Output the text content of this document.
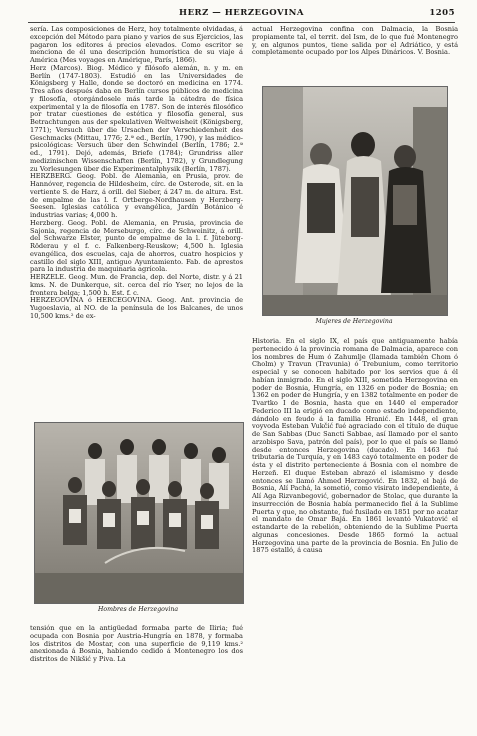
HERZ — HERZEGOVINA	1205

sería. Las composiciones de Herz, hoy totalmente olvidadas, á excepción del Método para piano y varios de sus Ejercicios, las pagaron los editores á precios elevados. Como escritor se menciona de él una descripción humorística de su viaje á América (Mes voyages en Amérique, París, 1866).

Herz (Marcos). Biog. Médico y filósofo alemán, n. y m. en Berlín (1747-1803). Estudió en las Universidades de Königsberg y Halle, donde se doctoró en medicina en 1774. Tres años después daba en Berlín cursos públicos de medicina y filosofía, otorgándosele más tarde la cátedra de física experimental y la de filosofía en 1787. Son de interés filosófico por tratar cuestiones de estética y filosofía general, sus Betrachtungen aus der spekulativen Weltweisheit (Königsberg, 1771); Versuch über die Ursachen der Verschiedenheit des Geschmacks (Mittau, 1776; 2.ª ed., Berlín, 1790), y las médico-psicológicas: Versuch über den Schwindel (Berlín, 1786; 2.ª ed., 1791). Dejó, además, Briefe (1784); Grundriss aller medizinischen Wissenschaften (Berlín, 1782), y Grundlegung zu Vorlesungen über die Experimentalphysik (Berlín, 1787).

HERZBERG. Geog. Pobl. de Alemania, en Prusia, prov. de Hannóver, regencia de Hildesheim, círc. de Osterode, sit. en la vertiente S. de Harz, á orill. del Sieber, á 247 m. de altura. Est. de empalme de las l. f. Ortberge-Nordhausen y Herzberg-Seesen. Iglesias católica y evangélica, Jardín Botánico é industrias varias; 4,000 h.

Herzberg. Geog. Pobl. de Alemania, en Prusia, provincia de Sajonia, regencia de Merseburgo, círc. de Schweinitz, á orill. del Schwarze Elster, punto de empalme de la l. f. Jüteborg-Röderau y el f. c. Falkenberg-Reuskow; 4,500 h. Iglesia evangélica, dos escuelas, caja de ahorros, cuatro hospicios y castillo del siglo XIII, antiguo Ayuntamiento. Fab. de aprestos para la industria de maquinaria agrícola.

HERZELE. Geog. Mun. de Francia, dep. del Norte, distr. y á 21 kms. N. de Dunkerque, sit. cerca del río Yser, no lejos de la frontera belga; 1,500 h. Est. f. c.

HERZEGOVINA ó HERCEGOVINA. Geog. Ant. provincia de Yugoeslavia, al NO. de la península de los Balcanes, de unos 10,500 kms.² de ex-

actual Herzegovina confina con Dalmacia, la Bosnia propiamente tal, el territ. del Ism, de lo que fué Montenegro y, en algunos puntos, tiene salida por el Adriático, y está completamente ocupado por los Alpes Dináricos. V. Bosnia.

Mujeres de Herzegovina

Historia. En el siglo IX, el país que antiguamente había pertenecido á la provincia romana de Dalmacia, aparece con los nombres de Hum ó Zahumlje (llamada también Chom ó Cholm) y Travun (Travunia) ó Trebunium, como territorio especial y se conocen habitado por los servios que á él habían inmigrado. En el siglo XIII, sometida Herzegovina en poder de Bosnia, Hungría, en 1326 en poder de Bosnia; en 1362 en poder de Hungría, y en 1382 totalmente en poder de Tvartko I de Bosnia, hasta que en 1440 el emperador Federico III la erigió en ducado como estado independiente, dándolo en feudo á la familia Hranić. En 1448, el gran voyvoda Esteban Vukčić fué agraciado con el título de duque de San Sabbas (Duc Sancti Sabbae, así llamado por el santo arzobispo Sava, patrón del país), por lo que el país se llamó desde entonces Herzegovina (ducado). En 1463 fué tributaria de Turquía, y en 1483 cayó totalmente en poder de ésta y el distrito perteneciente á Bosnia con el nombre de Herzeñ. El duque Esteban abrazó el islamismo y desde entonces se llamó Ahmed Herzegović. En 1832, el bajá de Bosnia, Alí Pachá, la sometió, como visirato independiente, á Alí Aga Rizvanbegović, gobernador de Stolac, que durante la insurrección de Bosnia había permanecido fiel á la Sublime Puerta y que, no obstante, fué fusilado en 1851 por no acatar el mandato de Omar Bajá. En 1861 levantó Vukatović el estandarte de la rebelión, obteniendo de la Sublime Puerta algunas concesiones. Desde 1865 formó la actual Herzegovina una parte de la provincia de Bosnia. En Julio de 1875 estalló, á causa

Hombres de Herzegovina

tensión que en la antigüedad formaba parte de Iliria; fué ocupada con Bosnia por Austria-Hungría en 1878, y formaba los distritos de Mostar, con una superficie de 9,119 kms.² anexionada á Bosnia, habiendo cedido á Montenegro los dos distritos de Nikšić y Piva. La
